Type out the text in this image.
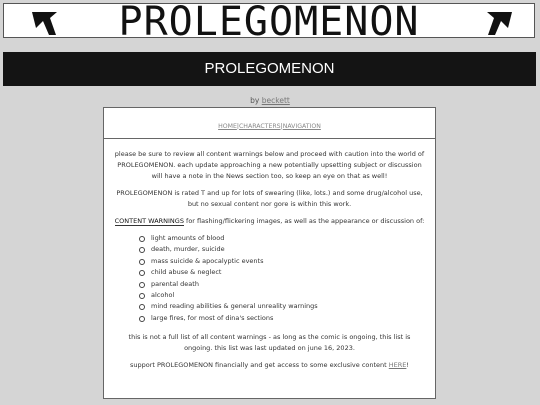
PROLEGOMENON
PROLEGOMENON
by beckett
HOME|CHARACTERS|NAVIGATION

please be sure to review all content warnings below and proceed with caution into the world of PROLEGOMENON. each update approaching a new potentially upsetting subject or discussion will have a note in the News section too, so keep an eye on that as well!

PROLEGOMENON is rated T and up for lots of swearing (like, lots.) and some drug/alcohol use, but no sexual content nor gore is within this work.

CONTENT WARNINGS for flashing/flickering images, as well as the appearance or discussion of:

light amounts of blood
death, murder, suicide
mass suicide & apocalyptic events
child abuse & neglect
parental death
alcohol
mind reading abilities & general unreality warnings
large fires, for most of dina's sections

this is not a full list of all content warnings - as long as the comic is ongoing, this list is ongoing. this list was last updated on june 16, 2023.

support PROLEGOMENON financially and get access to some exclusive content HERE!
